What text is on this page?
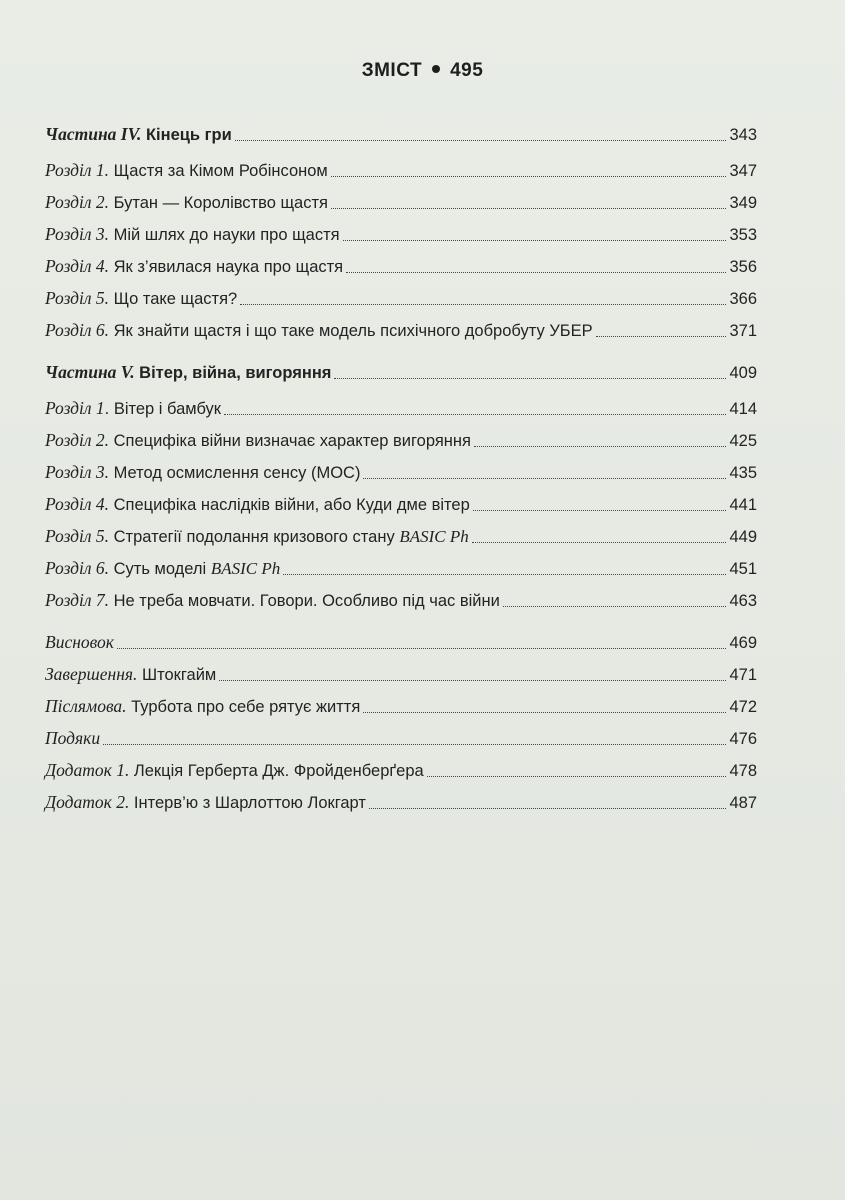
ЗМІСТ 495
Частина IV. Кінець гри	343
Розділ 1. Щастя за Кімом Робінсоном	347
Розділ 2. Бутан — Королівство щастя	349
Розділ 3. Мій шлях до науки про щастя	353
Розділ 4. Як з’явилася наука про щастя	356
Розділ 5. Що таке щастя?	366
Розділ 6. Як знайти щастя і що таке модель психічного добробуту УБЕР	371
Частина V. Вітер, війна, вигоряння	409
Розділ 1. Вітер і бамбук	414
Розділ 2. Специфіка війни визначає характер вигоряння	425
Розділ 3. Метод осмислення сенсу (МОС)	435
Розділ 4. Специфіка наслідків війни, або Куди дме вітер	441
Розділ 5. Стратегії подолання кризового стану BASIC Ph	449
Розділ 6. Суть моделі BASIC Ph	451
Розділ 7. Не треба мовчати. Говори. Особливо під час війни	463
Висновок	469
Завершення. Штокгайм	471
Післямова. Турбота про себе рятує життя	472
Подяки	476
Додаток 1. Лекція Герберта Дж. Фройденберґера	478
Додаток 2. Інтерв’ю з Шарлоттою Локгарт	487
